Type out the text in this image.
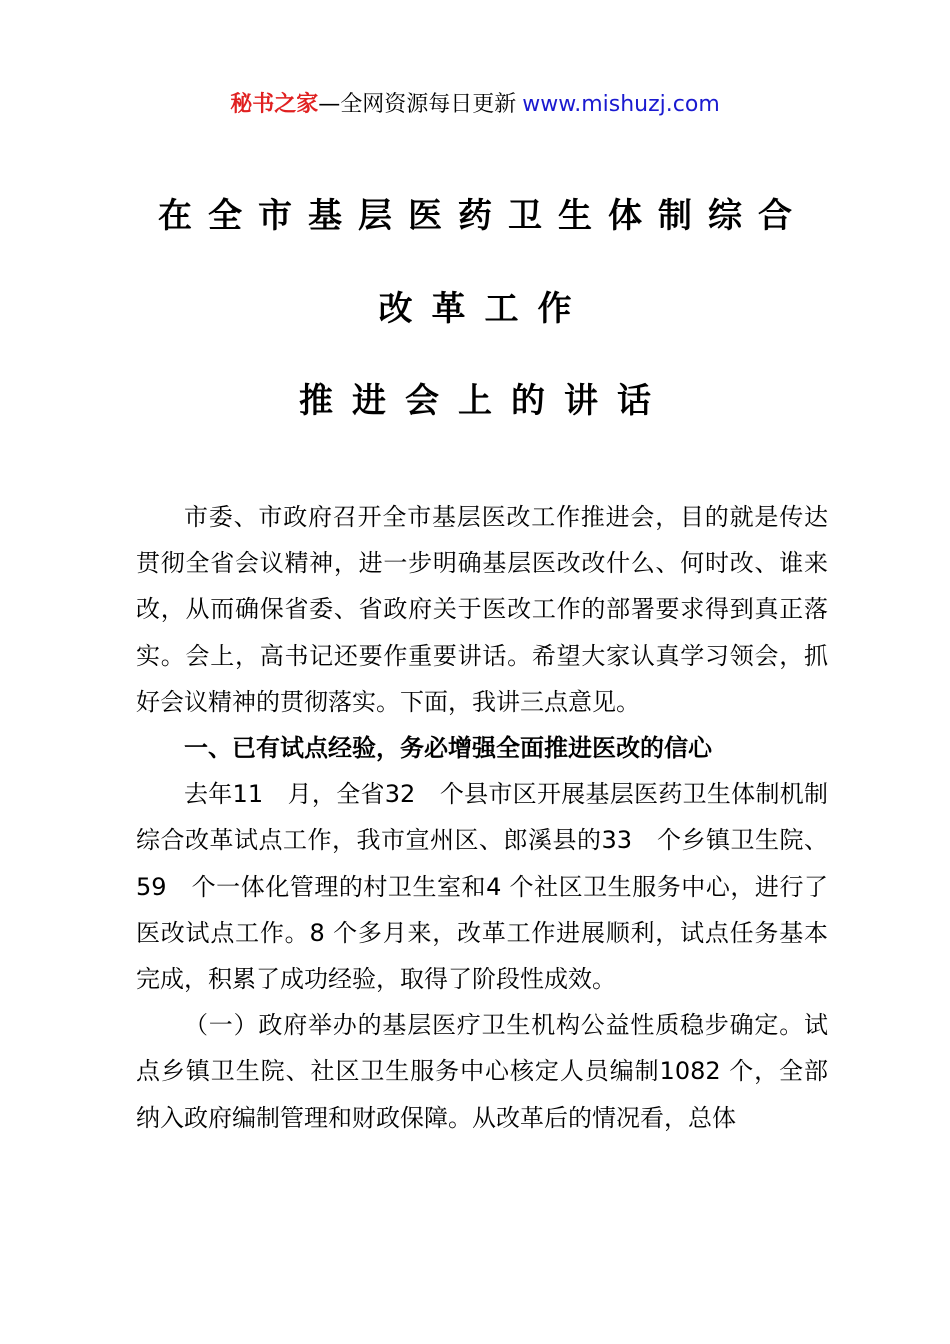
秘书之家—全网资源每日更新 www.mishuzj.com
在全市基层医药卫生体制综合
改革工作
推进会上的讲话

市委、市政府召开全市基层医改工作推进会，目的就是传达贯彻全省会议精神，进一步明确基层医改改什么、何时改、谁来改，从而确保省委、省政府关于医改工作的部署要求得到真正落实。会上，高书记还要作重要讲话。希望大家认真学习领会，抓好会议精神的贯彻落实。下面，我讲三点意见。

一、已有试点经验，务必增强全面推进医改的信心

去年11　月，全省32　个县市区开展基层医药卫生体制机制综合改革试点工作，我市宣州区、郎溪县的33　个乡镇卫生院、59　个一体化管理的村卫生室和4 个社区卫生服务中心，进行了医改试点工作。8 个多月来，改革工作进展顺利，试点任务基本完成，积累了成功经验，取得了阶段性成效。

（一）政府举办的基层医疗卫生机构公益性质稳步确定。试点乡镇卫生院、社区卫生服务中心核定人员编制1082 个，全部纳入政府编制管理和财政保障。从改革后的情况看，总体
